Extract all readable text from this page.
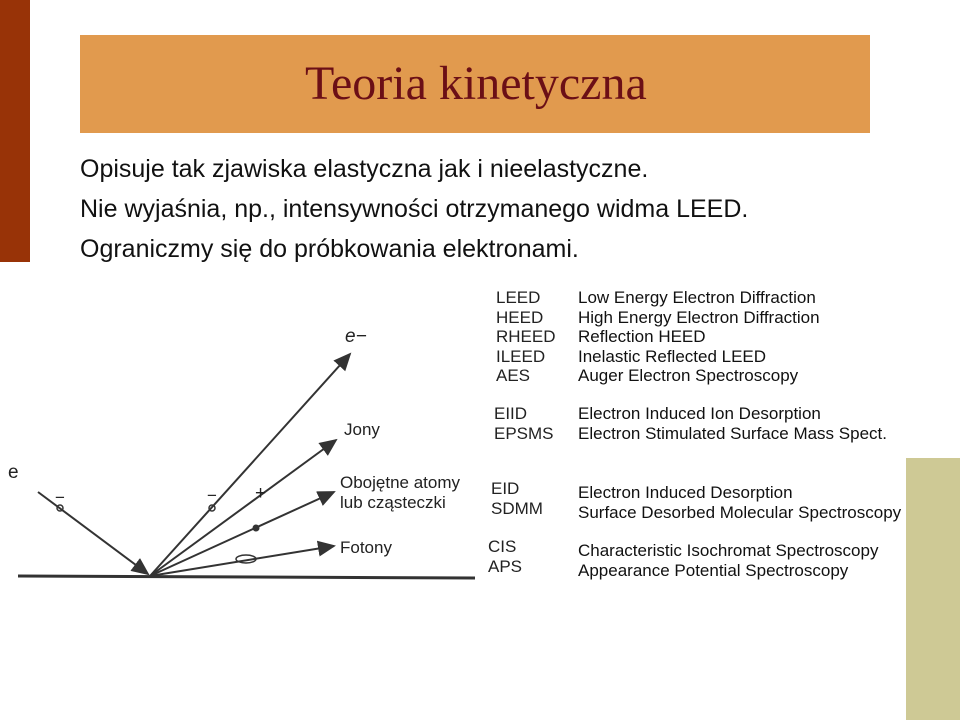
Teoria kinetyczna
Opisuje tak zjawiska elastyczna jak i nieelastyczne.
Nie wyjaśnia, np., intensywności otrzymanego widma LEED.
Ograniczmy się do próbkowania elektronami.
e
−	− +
e−
Jony
Obojętne atomy
lub cząsteczki
Fotony
LEED
HEED
RHEED
ILEED
AES
Low Energy Electron Diffraction
High Energy Electron Diffraction
Reflection HEED
Inelastic Reflected LEED
Auger Electron Spectroscopy
EIID
EPSMS
Electron Induced Ion Desorption
Electron Stimulated Surface Mass Spect.
EID
SDMM
Electron Induced Desorption
Surface Desorbed Molecular Spectroscopy
CIS
APS
Characteristic Isochromat Spectroscopy
Appearance Potential Spectroscopy
